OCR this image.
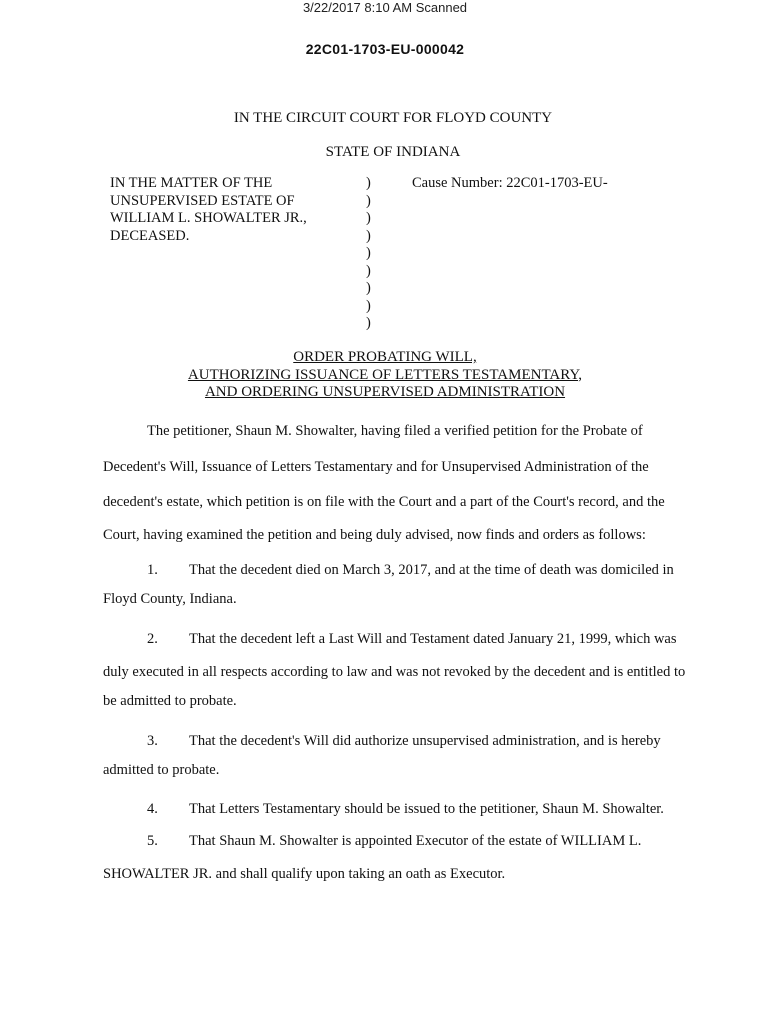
3/22/2017 8:10 AM Scanned
22C01-1703-EU-000042
IN THE CIRCUIT COURT FOR FLOYD COUNTY
STATE OF INDIANA
IN THE MATTER OF THE
UNSUPERVISED ESTATE OF
WILLIAM L. SHOWALTER JR.,
DECEASED.
)
)
)
)
)
)
)
)
)
Cause Number: 22C01-1703-EU-
ORDER PROBATING WILL,
AUTHORIZING ISSUANCE OF LETTERS TESTAMENTARY,
AND ORDERING UNSUPERVISED ADMINISTRATION
The petitioner, Shaun M. Showalter, having filed a verified petition for the Probate of
Decedent's Will, Issuance of Letters Testamentary and for Unsupervised Administration of the
decedent's estate, which petition is on file with the Court and a part of the Court's record, and the
Court, having examined the petition and being duly advised, now finds and orders as follows:
1. That the decedent died on March 3, 2017, and at the time of death was domiciled in
Floyd County, Indiana.
2. That the decedent left a Last Will and Testament dated January 21, 1999, which was
duly executed in all respects according to law and was not revoked by the decedent and is entitled to
be admitted to probate.
3. That the decedent's Will did authorize unsupervised administration, and is hereby
admitted to probate.
4. That Letters Testamentary should be issued to the petitioner, Shaun M. Showalter.
5. That Shaun M. Showalter is appointed Executor of the estate of WILLIAM L.
SHOWALTER JR. and shall qualify upon taking an oath as Executor.
